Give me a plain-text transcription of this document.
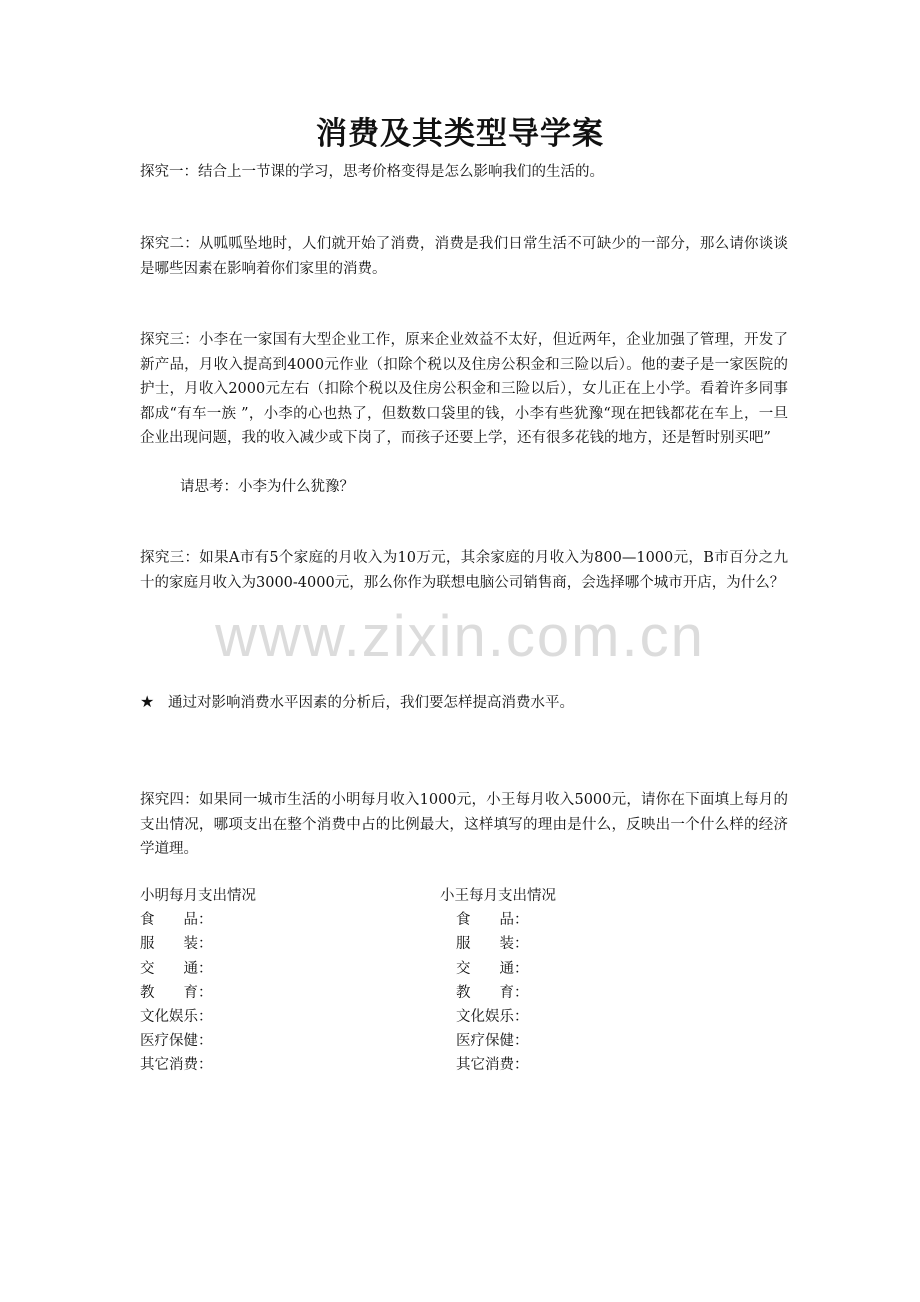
消费及其类型导学案
探究一：结合上一节课的学习，思考价格变得是怎么影响我们的生活的。
探究二：从呱呱坠地时，人们就开始了消费，消费是我们日常生活不可缺少的一部分，那么请你谈谈是哪些因素在影响着你们家里的消费。
探究三：小李在一家国有大型企业工作，原来企业效益不太好，但近两年，企业加强了管理，开发了新产品，月收入提高到4000元作业（扣除个税以及住房公积金和三险以后）。他的妻子是一家医院的护士，月收入2000元左右（扣除个税以及住房公积金和三险以后），女儿正在上小学。看着许多同事都成“有车一族 ”，小李的心也热了，但数数口袋里的钱，小李有些犹豫“现在把钱都花在车上，一旦企业出现问题，我的收入减少或下岗了，而孩子还要上学，还有很多花钱的地方，还是暂时别买吧”
请思考：小李为什么犹豫？
探究三：如果A市有5个家庭的月收入为10万元，其余家庭的月收入为800—1000元，B市百分之九十的家庭月收入为3000-4000元，那么你作为联想电脑公司销售商，会选择哪个城市开店，为什么？
www.zixin.com.cn
★ 通过对影响消费水平因素的分析后，我们要怎样提高消费水平。
探究四：如果同一城市生活的小明每月收入1000元，小王每月收入5000元，请你在下面填上每月的支出情况，哪项支出在整个消费中占的比例最大，这样填写的理由是什么，反映出一个什么样的经济学道理。
小明每月支出情况
食　　品：
服　　装：
交　　通：
教　　育：
文化娱乐：
医疗保健：
其它消费：
小王每月支出情况
食　　品：
服　　装：
交　　通：
教　　育：
文化娱乐：
医疗保健：
其它消费：
